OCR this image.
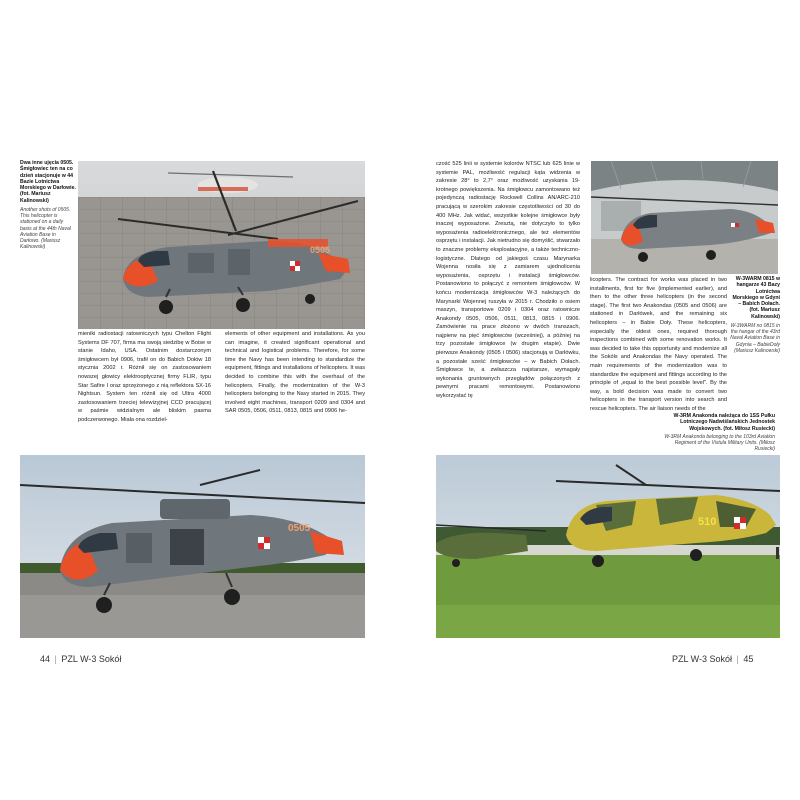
Dwa inne ujęcia 0505. Śmigłowiec ten na co dzień stacjonuje w 44 Bazie Lotnictwa Morskiego w Darłowie. (fot. Mariusz Kalinowski)
Another shots of 0505. This helicopter is stationed on a daily basis at the 44th Naval Aviation Base in Darłowo. (Mariusz Kalinowski)	0505

mieniki radiostacji ratowniczych typu Chelton Flight Systems DF 707, firma ma swoją siedzibę w Boise w stanie Idaho, USA. Ostatnim dostarczonym śmigłowcem był 0906, trafił on do Babich Dołów 18 stycznia 2002 r. Różnił się on zastosowaniem nowszej głowicy elektrooptycznej firmy FLIR, typu Star Safire I oraz sprzężonego z nią reflektora SX-16 Nightsun. System ten różnił się od Ultra 4000 zastosowaniem trzeciej telewizyjnej CCD pracującej w paśmie widzialnym ale bliskim pasma podczerwonego. Miała ona rozdziel-

elements of other equipment and installations. As you can imagine, it created significant operational and technical and logistical problems. Therefore, for some time the Navy has been intending to standardize the equipment, fittings and installations of helicopters. It was decided to combine this with the overhaul of the helicopters. Finally, the modernization of the W-3 helicopters belonging to the Navy started in 2015. They involved eight machines, transport 0209 and 0304 and SAR 0505, 0506, 0511, 0813, 0815 and 0906 he-

0505
44 | PZL W-3 Sokół

czość 525 linii w systemie kolorów NTSC lub 625 linie w systemie PAL, możliwość regulacji kąta widzenia w zakresie 28° to 2,7° oraz możliwość uzyskania 19-krotnego powiększenia. Na śmigłowcu zamontowano też pojedynczą radiostację Rockwell Collins AN/ARC-210 pracującą w szerokim zakresie częstotliwości od 30 do 400 MHz. Jak widać, wszystkie kolejne śmigłowce były inaczej wyposażone. Zresztą, nie dotyczyło to tylko wyposażenia radioelektronicznego, ale też elementów osprzętu i instalacji. Jak nietrudno się domyślić, stwarzało to znaczne problemy eksploatacyjne, a także techniczno-logistyczne. Dlatego od jakiegoś czasu Marynarka Wojenna nosiła się z zamiarem ujednolicenia wyposażenia, osprzętu i instalacji śmigłowców. Postanowiono to połączyć z remontem śmigłowców. W końcu modernizacja śmigłowców W-3 należących do Marynarki Wojennej ruszyła w 2015 r. Chodziło o osiem maszyn, transportowe 0209 i 0304 oraz ratownicze Anakondy 0505, 0506, 0511, 0813, 0815 i 0906. Zamówienie na prace złożono w dwóch transzach, najpierw na pięć śmigłowców (wcześniej), a później na trzy pozostałe śmigłowce (w drugim etapie). Dwie pierwsze Anakondy (0505 i 0506) stacjonują w Darłówku, a pozostałe sześć śmigłowców – w Babich Dołach. Śmigłowce te, a zwłaszcza najstarsze, wymagały wykonania gruntownych przeglądów połączonych z pewnymi pracami remontowymi. Postanowiono wykorzystać tę

W-3WARM 0815 w hangarze 43 Bazy Lotnictwa Morskiego w Gdyni – Babich Dołach. (fot. Mariusz Kalinowski)
W-3WARM no 0815 in the hangar of the 43rd Naval Aviation Base in Gdynia – BabieDoły (Mariusz Kalinowski)

licopters. The contract for works was placed in two installments, first for five (implemented earlier), and then to the other three helicopters (in the second stage). The first two Anakondas (0505 and 0506) are stationed in Darłówek, and the remaining six helicopters – in Babie Doły. These helicopters, especially the oldest ones, required thorough inspections combined with some renovation works. It was decided to take this opportunity and modernize all the Sokóls and Anakondas the Navy operated. The main requirements of the modernization was to standardize the equipment and fittings according to the principle of „equal to the best possible level". By the way, a bold decision was made to convert two helicopters in the transport version into search and rescue helicopters. The air liaison needs of the

W-3RM Anakonda należąca do 1SS Pułku Lotniczego Nadwiślańskich Jednostek Wojskowych. (fot. Miłosz Rusiecki)
W-3RM Anakonda belonging to the 103rd Aviation Regiment of the Vistula Military Units. (Miłosz Rusiecki)
510
PZL W-3 Sokół | 45
